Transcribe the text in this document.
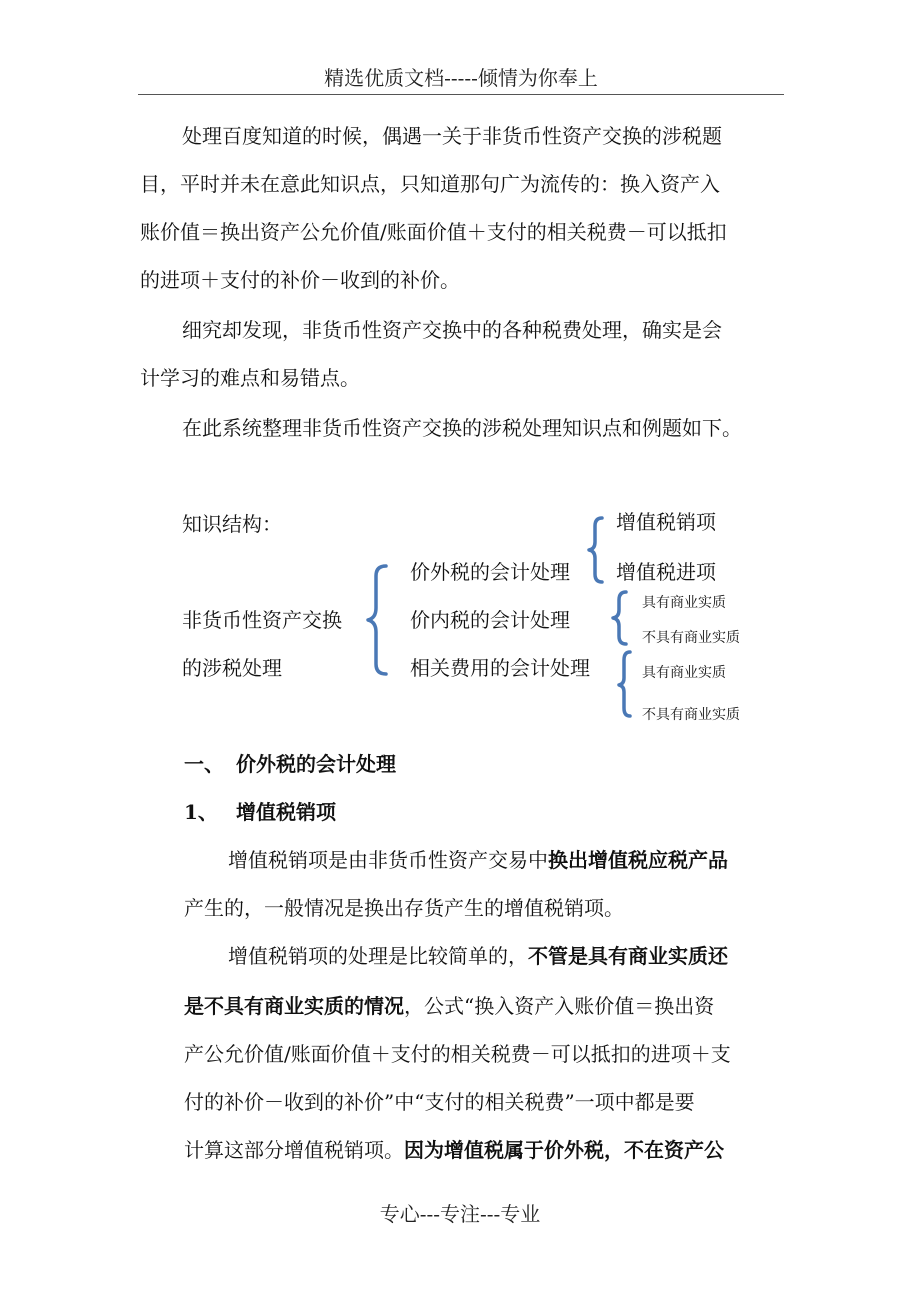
精选优质文档-----倾情为你奉上
处理百度知道的时候，偶遇一关于非货币性资产交换的涉税题
目，平时并未在意此知识点，只知道那句广为流传的：换入资产入
账价值＝换出资产公允价值/账面价值＋支付的相关税费－可以抵扣
的进项＋支付的补价－收到的补价。
细究却发现，非货币性资产交换中的各种税费处理，确实是会
计学习的难点和易错点。
在此系统整理非货币性资产交换的涉税处理知识点和例题如下。
知识结构：
非货币性资产交换
的涉税处理
价外税的会计处理
价内税的会计处理
相关费用的会计处理
增值税销项
增值税进项
具有商业实质
不具有商业实质
具有商业实质
不具有商业实质
一、 价外税的会计处理
1、 增值税销项
增值税销项是由非货币性资产交易中换出增值税应税产品
产生的，一般情况是换出存货产生的增值税销项。
增值税销项的处理是比较简单的，不管是具有商业实质还
是不具有商业实质的情况，公式“换入资产入账价值＝换出资
产公允价值/账面价值＋支付的相关税费－可以抵扣的进项＋支
付的补价－收到的补价”中“支付的相关税费”一项中都是要
计算这部分增值税销项。因为增值税属于价外税，不在资产公
专心---专注---专业
